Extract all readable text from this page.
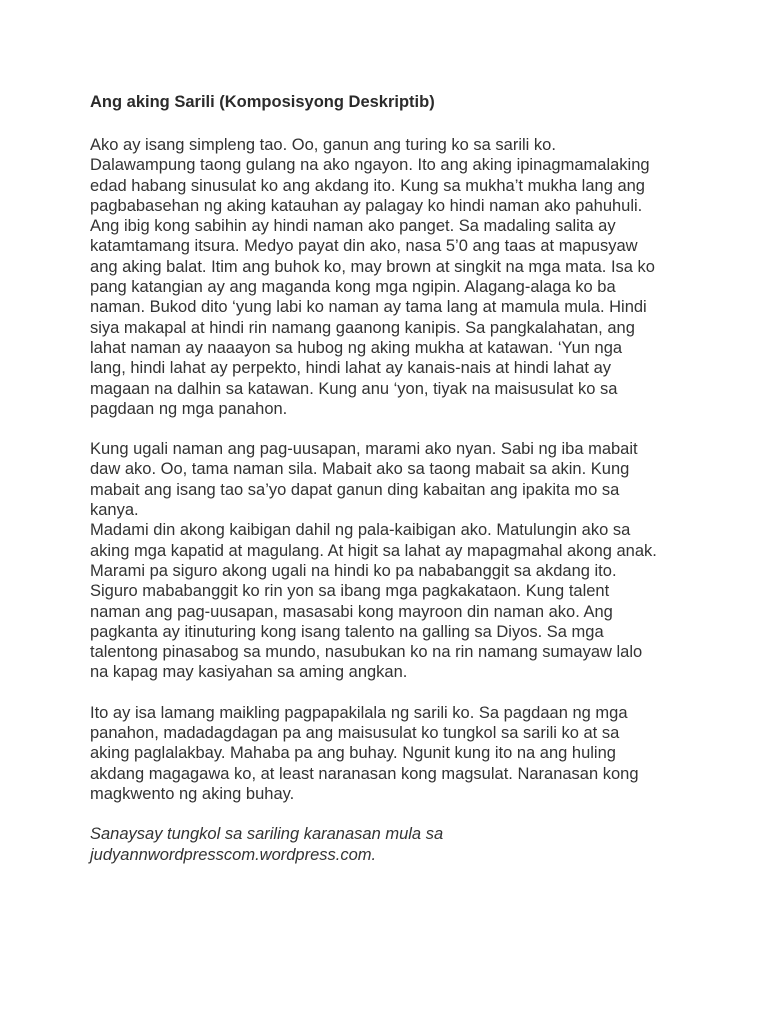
Ang aking Sarili (Komposisyong Deskriptib)
Ako ay isang simpleng tao. Oo, ganun ang turing ko sa sarili ko.
Dalawampung taong gulang na ako ngayon. Ito ang aking ipinagmamalaking
edad habang sinusulat ko ang akdang ito. Kung sa mukha’t mukha lang ang
pagbabasehan ng aking katauhan ay palagay ko hindi naman ako pahuhuli.
Ang ibig kong sabihin ay hindi naman ako panget. Sa madaling salita ay
katamtamang itsura. Medyo payat din ako, nasa 5’0 ang taas at mapusyaw
ang aking balat. Itim ang buhok ko, may brown at singkit na mga mata. Isa ko
pang katangian ay ang maganda kong mga ngipin. Alagang-alaga ko ba
naman. Bukod dito ‘yung labi ko naman ay tama lang at mamula mula. Hindi
siya makapal at hindi rin namang gaanong kanipis. Sa pangkalahatan, ang
lahat naman ay naaayon sa hubog ng aking mukha at katawan. ‘Yun nga
lang, hindi lahat ay perpekto, hindi lahat ay kanais-nais at hindi lahat ay
magaan na dalhin sa katawan. Kung anu ‘yon, tiyak na maisusulat ko sa
pagdaan ng mga panahon.
Kung ugali naman ang pag-uusapan, marami ako nyan. Sabi ng iba mabait
daw ako. Oo, tama naman sila. Mabait ako sa taong mabait sa akin. Kung
mabait ang isang tao sa’yo dapat ganun ding kabaitan ang ipakita mo sa
kanya.
Madami din akong kaibigan dahil ng pala-kaibigan ako. Matulungin ako sa
aking mga kapatid at magulang. At higit sa lahat ay mapagmahal akong anak.
Marami pa siguro akong ugali na hindi ko pa nababanggit sa akdang ito.
Siguro mababanggit ko rin yon sa ibang mga pagkakataon. Kung talent
naman ang pag-uusapan, masasabi kong mayroon din naman ako. Ang
pagkanta ay itinuturing kong isang talento na galling sa Diyos. Sa mga
talentong pinasabog sa mundo, nasubukan ko na rin namang sumayaw lalo
na kapag may kasiyahan sa aming angkan.
Ito ay isa lamang maikling pagpapakilala ng sarili ko. Sa pagdaan ng mga
panahon, madadagdagan pa ang maisusulat ko tungkol sa sarili ko at sa
aking paglalakbay. Mahaba pa ang buhay. Ngunit kung ito na ang huling
akdang magagawa ko, at least naranasan kong magsulat. Naranasan kong
magkwento ng aking buhay.
Sanaysay tungkol sa sariling karanasan mula sa
judyannwordpresscom.wordpress.com.
